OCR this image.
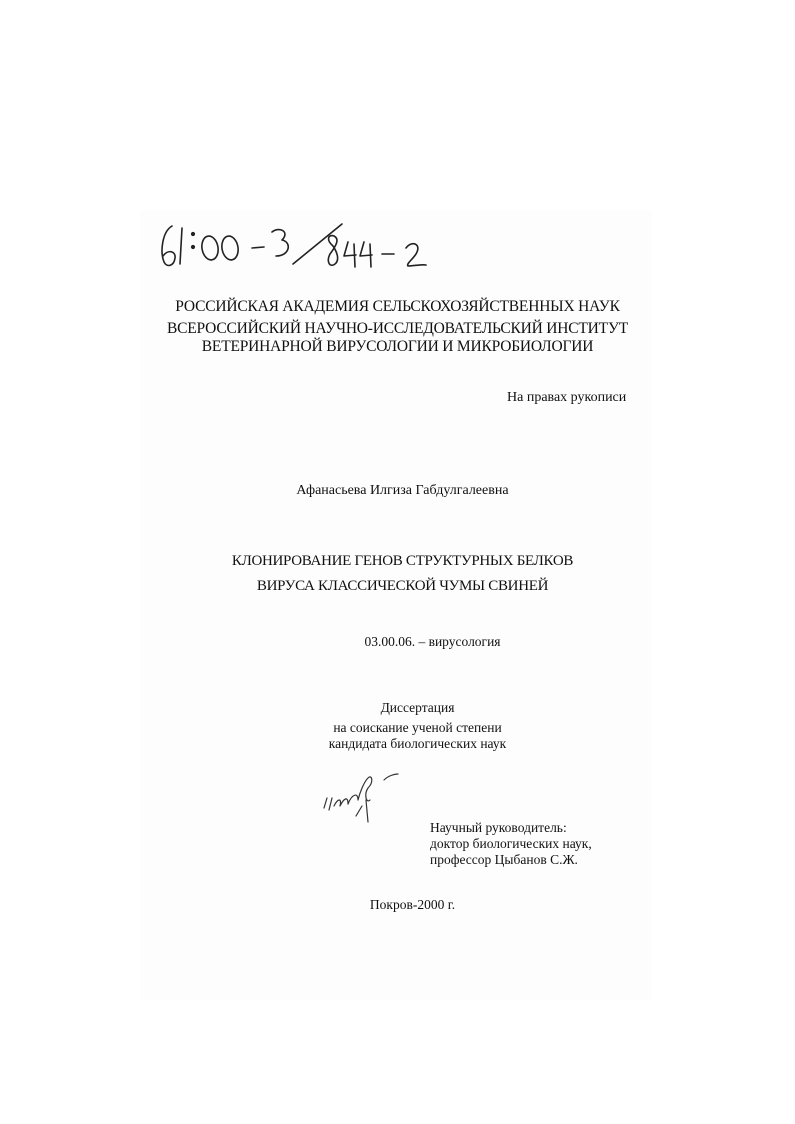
РОССИЙСКАЯ АКАДЕМИЯ СЕЛЬСКОХОЗЯЙСТВЕННЫХ НАУК
ВСЕРОССИЙСКИЙ НАУЧНО-ИССЛЕДОВАТЕЛЬСКИЙ ИНСТИТУТ
ВЕТЕРИНАРНОЙ ВИРУСОЛОГИИ И МИКРОБИОЛОГИИ
На правах рукописи
Афанасьева Илгиза Габдулгалеевна
КЛОНИРОВАНИЕ ГЕНОВ СТРУКТУРНЫХ БЕЛКОВ
ВИРУСА КЛАССИЧЕСКОЙ ЧУМЫ СВИНЕЙ
03.00.06. – вирусология
Диссертация
на соискание ученой степени
кандидата биологических наук
Научный руководитель:
доктор биологических наук,
профессор Цыбанов С.Ж.
Покров-2000 г.
